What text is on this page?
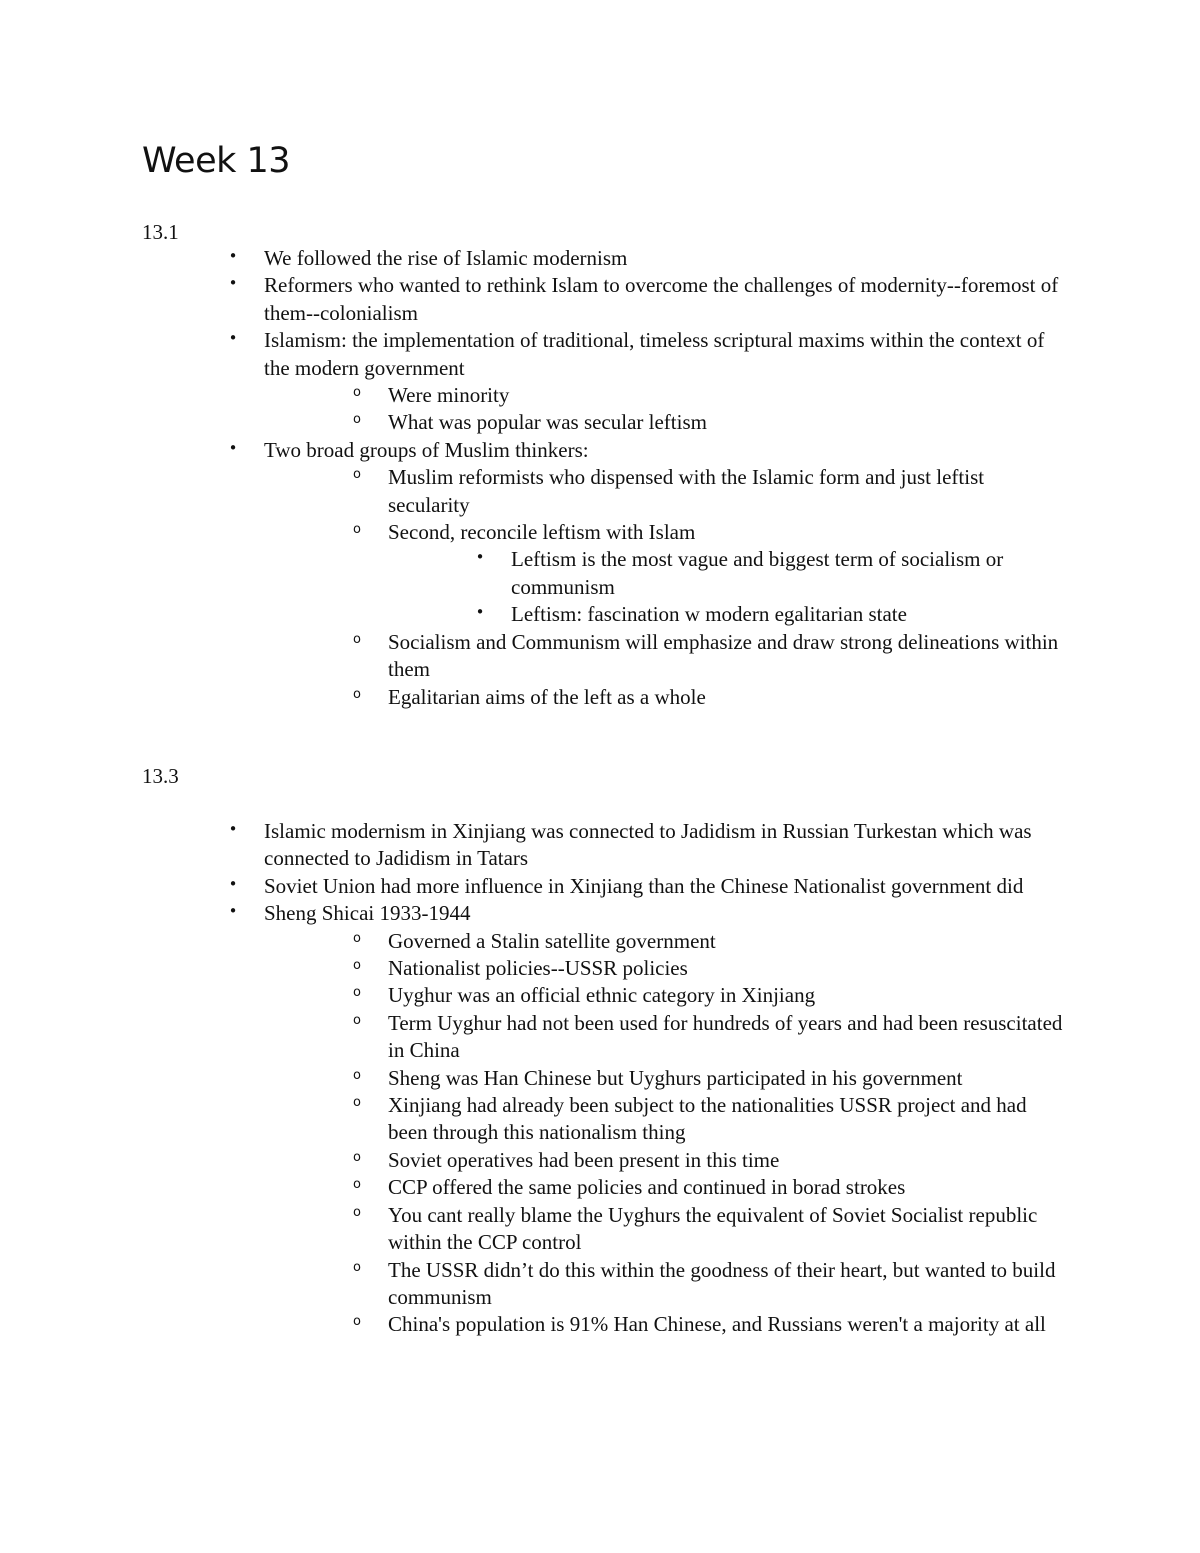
Week 13
13.1
• We followed the rise of Islamic modernism
• Reformers who wanted to rethink Islam to overcome the challenges of modernity--foremost of them--colonialism
• Islamism: the implementation of traditional, timeless scriptural maxims within the context of the modern government
o Were minority
o What was popular was secular leftism
• Two broad groups of Muslim thinkers:
o Muslim reformists who dispensed with the Islamic form and just leftist secularity
o Second, reconcile leftism with Islam
• Leftism is the most vague and biggest term of socialism or communism
• Leftism: fascination w modern egalitarian state
o Socialism and Communism will emphasize and draw strong delineations within them
o Egalitarian aims of the left as a whole
13.3
• Islamic modernism in Xinjiang was connected to Jadidism in Russian Turkestan which was connected to Jadidism in Tatars
• Soviet Union had more influence in Xinjiang than the Chinese Nationalist government did
• Sheng Shicai 1933-1944
o Governed a Stalin satellite government
o Nationalist policies--USSR policies
o Uyghur was an official ethnic category in Xinjiang
o Term Uyghur had not been used for hundreds of years and had been resuscitated in China
o Sheng was Han Chinese but Uyghurs participated in his government
o Xinjiang had already been subject to the nationalities USSR project and had been through this nationalism thing
o Soviet operatives had been present in this time
o CCP offered the same policies and continued in borad strokes
o You cant really blame the Uyghurs the equivalent of Soviet Socialist republic within the CCP control
o The USSR didn’t do this within the goodness of their heart, but wanted to build communism
o China's population is 91% Han Chinese, and Russians weren't a majority at all
